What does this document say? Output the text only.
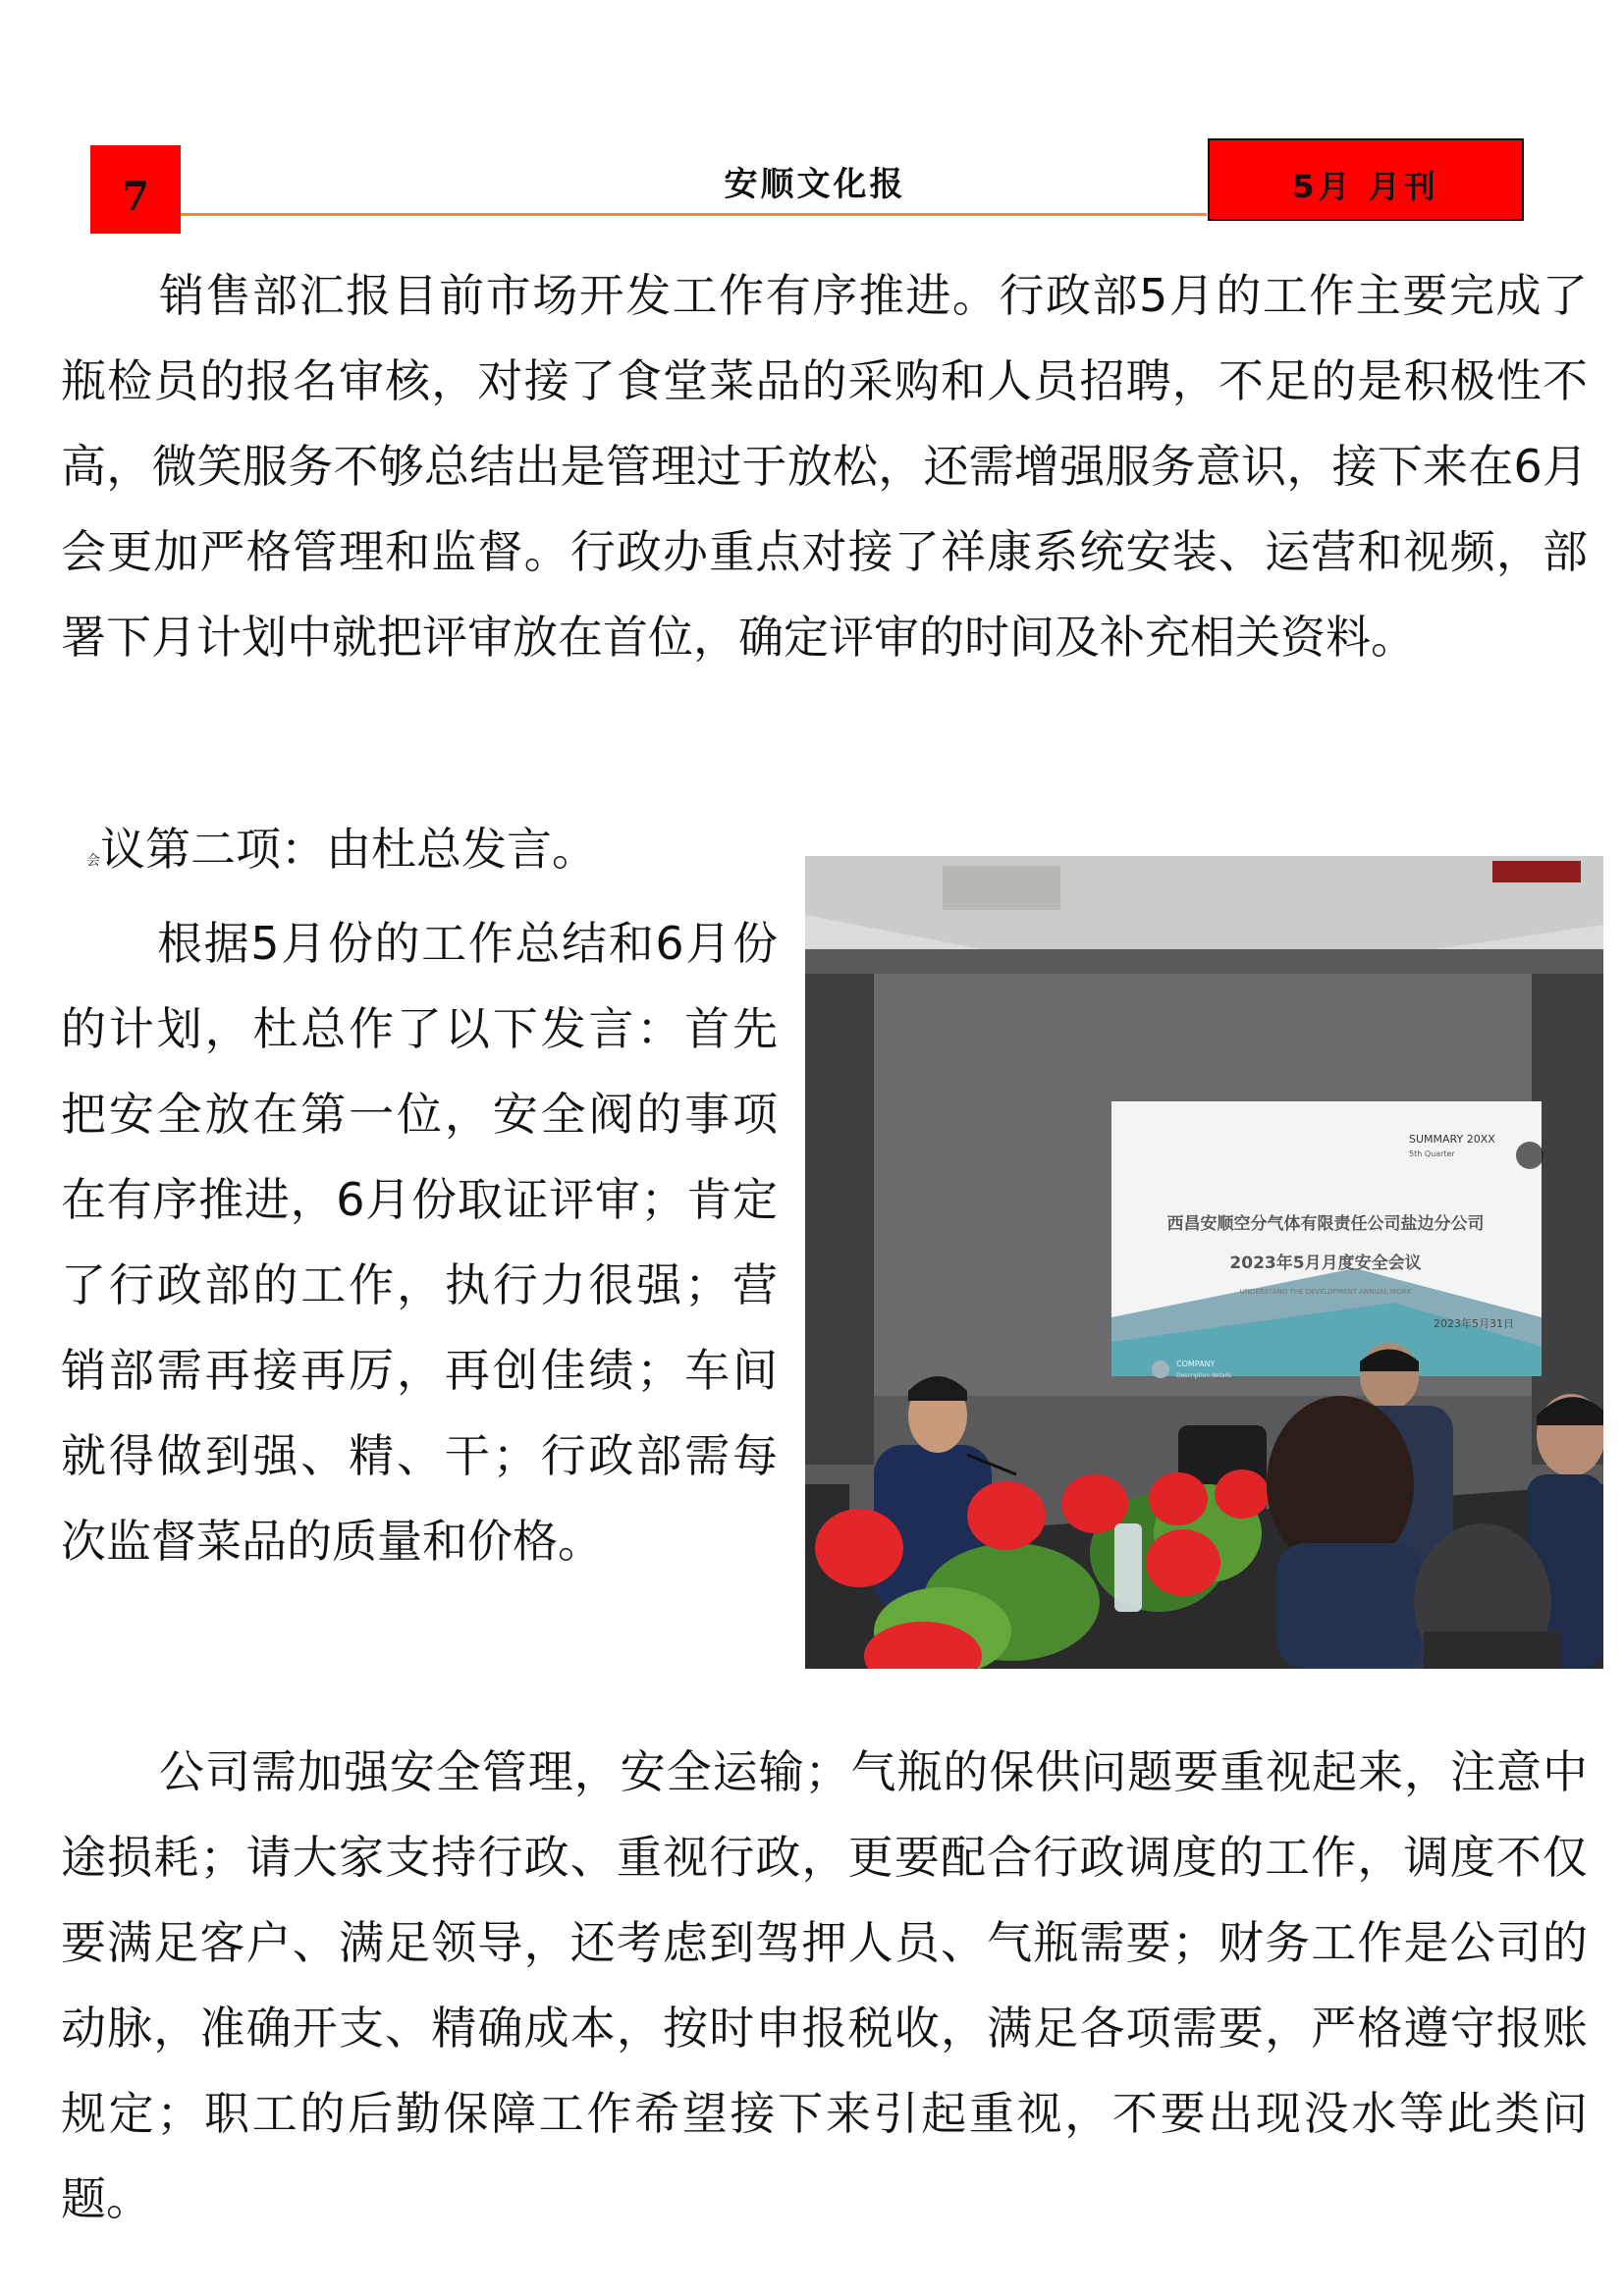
7	安顺文化报	5月 月刊

销售部汇报目前市场开发工作有序推进。行政部5月的工作主要完成了瓶检员的报名审核，对接了食堂菜品的采购和人员招聘，不足的是积极性不高，微笑服务不够总结出是管理过于放松，还需增强服务意识，接下来在6月会更加严格管理和监督。行政办重点对接了祥康系统安装、运营和视频，部署下月计划中就把评审放在首位，确定评审的时间及补充相关资料。

会议第二项：由杜总发言。

根据5月份的工作总结和6月份的计划，杜总作了以下发言：首先把安全放在第一位，安全阀的事项在有序推进，6月份取证评审；肯定了行政部的工作，执行力很强；营销部需再接再厉，再创佳绩；车间就得做到强、精、干；行政部需每次监督菜品的质量和价格。

SUMMARY 20XX
5th Quarter
西昌安顺空分气体有限责任公司盐边分公司
2023年5月月度安全会议
UNDERSTAND THE DEVELOPMENT ANNUAL WORK
2023年5月31日
COMPANY
Description details

公司需加强安全管理，安全运输；气瓶的保供问题要重视起来，注意中途损耗；请大家支持行政、重视行政，更要配合行政调度的工作，调度不仅要满足客户、满足领导，还考虑到驾押人员、气瓶需要；财务工作是公司的动脉，准确开支、精确成本，按时申报税收，满足各项需要，严格遵守报账规定；职工的后勤保障工作希望接下来引起重视，不要出现没水等此类问题。
